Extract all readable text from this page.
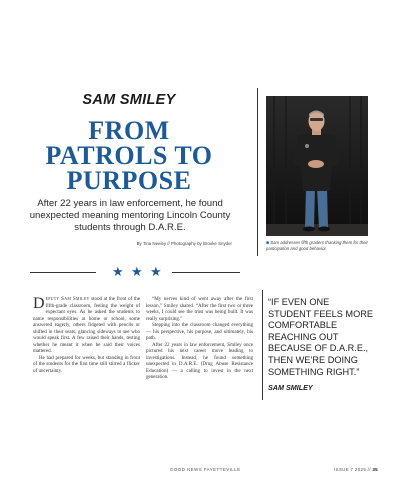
SAM SMILEY
FROM
PATROLS TO
PURPOSE
After 22 years in law enforcement, he found unexpected meaning mentoring Lincoln County students through D.A.R.E.
By Tina Neeley // Photography by Brooke Snyder	■ Sam addresses fifth graders thanking them for their participation and good behavior.
★ ★ ★

Deputy Sam Smiley stood at the front of the fifth-grade classroom, feeling the weight of expectant eyes. As he asked the students to name responsibilities at home or school, some answered eagerly, others fidgeted with pencils or shifted in their seats, glancing sideways to see who would speak first. A few raised their hands, testing whether he meant it when he said their voices mattered.

He had prepared for weeks, but standing in front of the students for the first time still stirred a flicker of uncertainty.

“My nerves kind of went away after the first lesson,” Smiley shared. “After the first two or three weeks, I could see the trust was being built. It was really surprising.”

Stepping into the classroom changed everything — his perspective, his purpose, and ultimately, his path.

After 22 years in law enforcement, Smiley once pictured his next career move leading to investigations. Instead, he found something unexpected in D.A.R.E. (Drug Abuse Resistance Education) — a calling to invest in the next generation.

“IF EVEN ONE STUDENT FEELS MORE COMFORTABLE REACHING OUT BECAUSE OF D.A.R.E., THEN WE’RE DOING SOMETHING RIGHT.”
SAM SMILEY
GOOD NEWS FAYETTEVILLE	ISSUE 7 2025 // 35
